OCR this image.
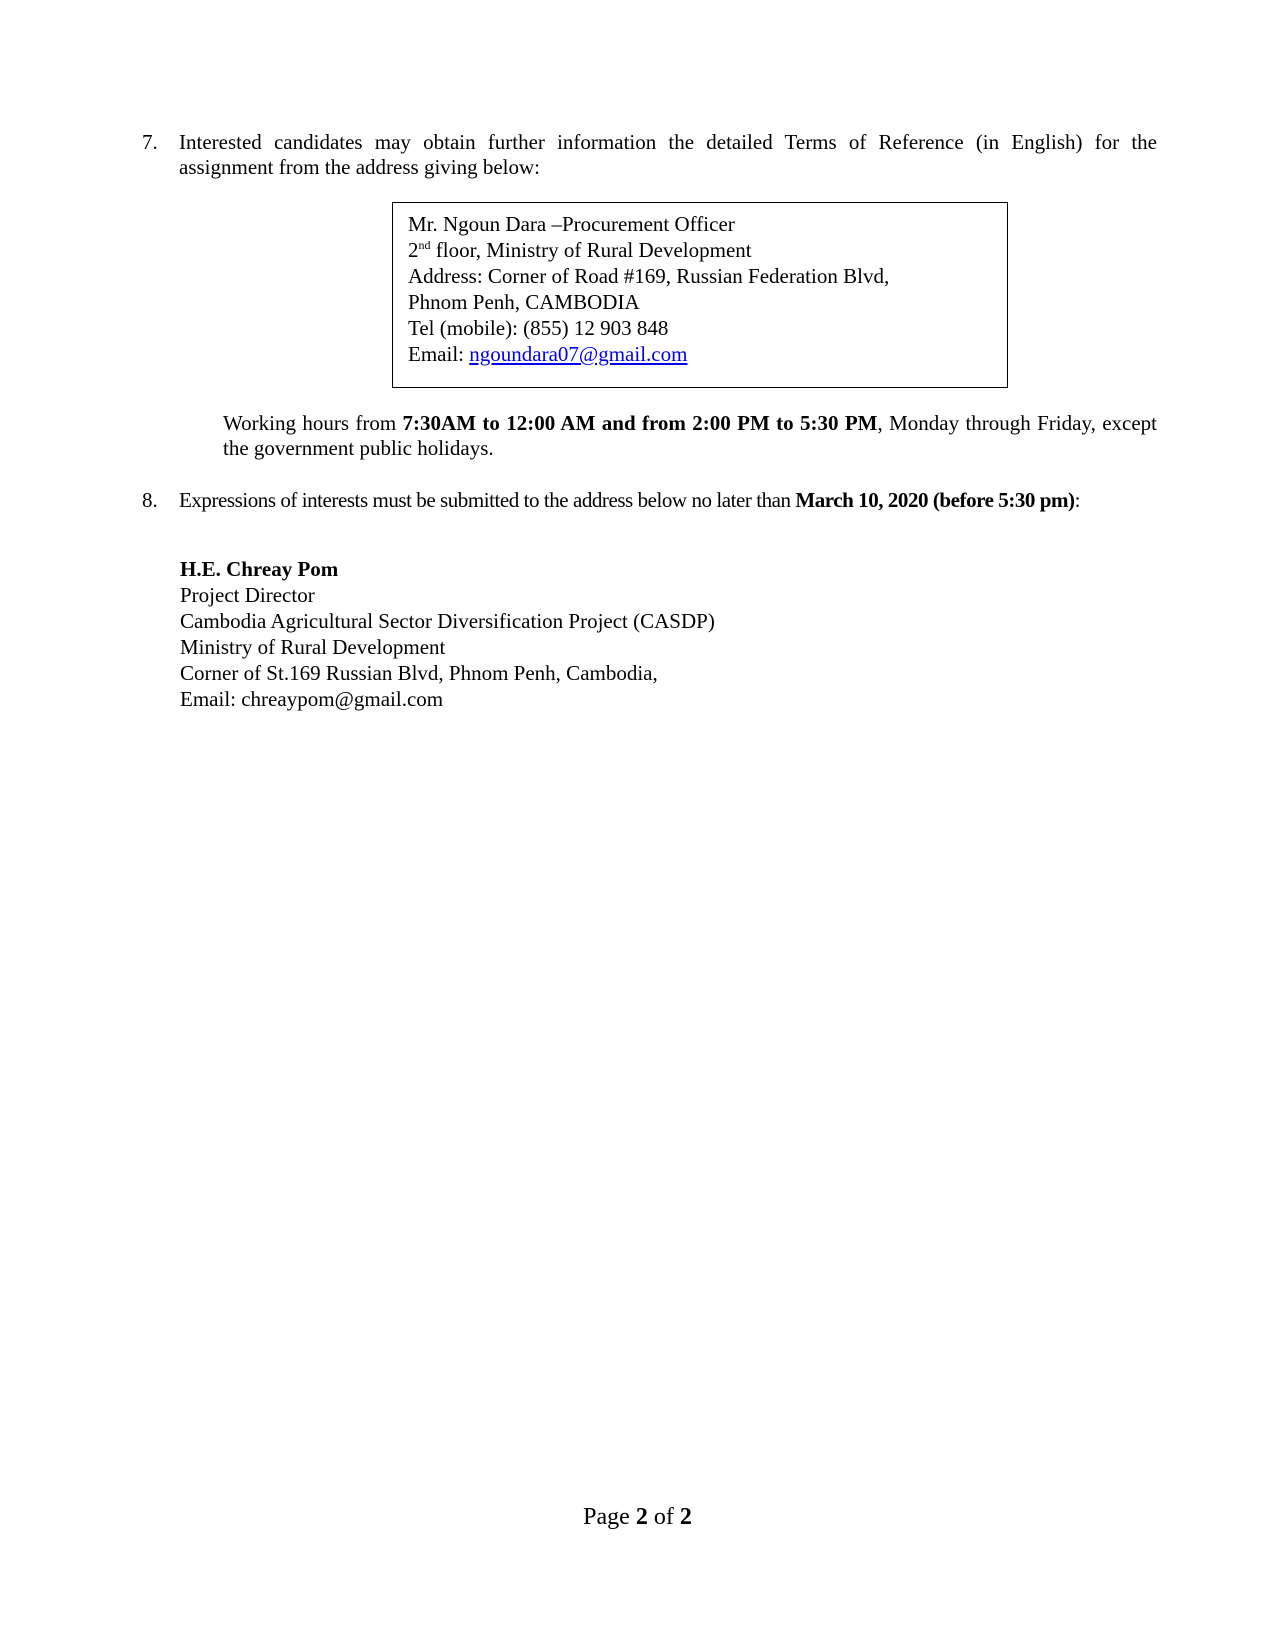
7.	Interested candidates may obtain further information the detailed Terms of Reference (in English) for the assignment from the address giving below:
Mr. Ngoun Dara –Procurement Officer
2nd floor, Ministry of Rural Development
Address: Corner of Road #169, Russian Federation Blvd,
Phnom Penh, CAMBODIA
Tel (mobile): (855) 12 903 848
Email: ngoundara07@gmail.com
Working hours from 7:30AM to 12:00 AM and from 2:00 PM to 5:30 PM, Monday through Friday, except the government public holidays.
8.	Expressions of interests must be submitted to the address below no later than March 10, 2020 (before 5:30 pm):
H.E. Chreay Pom
Project Director
Cambodia Agricultural Sector Diversification Project (CASDP)
Ministry of Rural Development
Corner of St.169 Russian Blvd, Phnom Penh, Cambodia,
Email: chreaypom@gmail.com
Page 2 of 2
